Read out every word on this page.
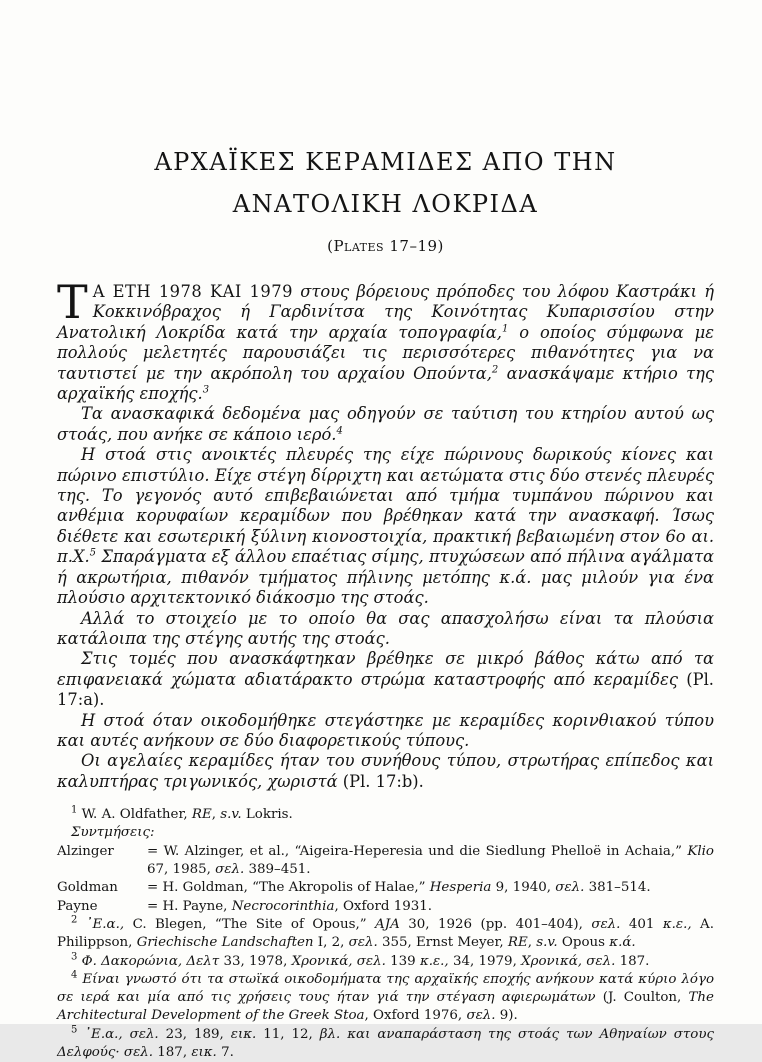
ΑΡΧΑΪΚΕΣ ΚΕΡΑΜΙΔΕΣ ΑΠΟ ΤΗΝ
ΑΝΑΤΟΛΙΚΗ ΛΟΚΡΙΔΑ
(Plates 17–19)

Τ Α ΕΤΗ 1978 ΚΑΙ 1979 στους βόρειους πρόποδες του λόφου Καστράκι ή Κοκκινόβραχος ή Γαρδινίτσα της Κοινότητας Κυπαρισσίου στην Ανατολική Λοκρίδα κατά την αρχαία τοπογραφία,$^1$ ο οποίος σύμφωνα με πολλούς μελετητές παρουσιάζει τις περισσότερες πιθανότητες για να ταυτιστεί με την ακρόπολη του αρχαίου Οπούντα,$^2$ ανασκάψαμε κτήριο της αρχαϊκής εποχής.$^3$

Τα ανασκαφικά δεδομένα μας οδηγούν σε ταύτιση του κτηρίου αυτού ως στοάς, που ανήκε σε κάποιο ιερό.$^4$

Η στοά στις ανοικτές πλευρές της είχε πώρινους δωρικούς κίονες και πώρινο επιστύλιο. Είχε στέγη δίρριχτη και αετώματα στις δύο στενές πλευρές της. Το γεγονός αυτό επιβεβαιώνεται από τμήμα τυμπάνου πώρινου και ανθέμια κορυφαίων κεραμίδων που βρέθηκαν κατά την ανασκαφή. Ίσως διέθετε και εσωτερική ξύλινη κιονοστοιχία, πρακτική βεβαιωμένη στον 6ο αι. π.Χ.$^5$ Σπαράγματα εξ άλλου επαέτιας σίμης, πτυχώσεων από πήλινα αγάλματα ή ακρωτήρια, πιθανόν τμήματος πήλινης μετόπης κ.ά. μας μιλούν για ένα πλούσιο αρχιτεκτονικό διάκοσμο της στοάς.

Αλλά το στοιχείο με το οποίο θα σας απασχολήσω είναι τα πλούσια κατάλοιπα της στέγης αυτής της στοάς.

Στις τομές που ανασκάφτηκαν βρέθηκε σε μικρό βάθος κάτω από τα επιφανειακά χώματα αδιατάρακτο στρώμα καταστροφής από κεραμίδες (Pl. 17:a).

Η στοά όταν οικοδομήθηκε στεγάστηκε με κεραμίδες κορινθιακού τύπου και αυτές ανήκουν σε δύο διαφορετικούς τύπους.

Οι αγελαίες κεραμίδες ήταν του συνήθους τύπου, στρωτήρας επίπεδος και καλυπτήρας τριγωνικός, χωριστά (Pl. 17:b).

$^1$ W. A. Oldfather, RE, s.v. Lokris.

Συντμήσεις:

Alzinger	= W. Alzinger, et al., “Aigeira-Heperesia und die Siedlung Phelloë in Achaia,” Klio 67, 1985, σελ. 389–451.
Goldman	= H. Goldman, “The Akropolis of Halae,” Hesperia 9, 1940, σελ. 381–514.
Payne	= H. Payne, Necrocorinthia, Oxford 1931.

$^2$ ᾿Ε.α., C. Blegen, “The Site of Opous,” AJA 30, 1926 (pp. 401–404), σελ. 401 κ.ε., A. Philippson, Griechische Landschaften I, 2, σελ. 355, Ernst Meyer, RE, s.v. Opous κ.ά.

$^3$ Φ. Δακορώνια, Δελτ 33, 1978, Χρονικά, σελ. 139 κ.ε., 34, 1979, Χρονικά, σελ. 187.

$^4$ Είναι γνωστό ότι τα στωϊκά οικοδομήματα της αρχαϊκής εποχής ανήκουν κατά κύριο λόγο σε ιερά και μία από τις χρήσεις τους ήταν γιά την στέγαση αφιερωμάτων (J. Coulton, The Architectural Development of the Greek Stoa, Oxford 1976, σελ. 9).

$^5$ ᾿Ε.α., σελ. 23, 189, εικ. 11, 12, βλ. και αναπαράσταση της στοάς των Αθηναίων στους Δελφούς· σελ. 187, εικ. 7.
